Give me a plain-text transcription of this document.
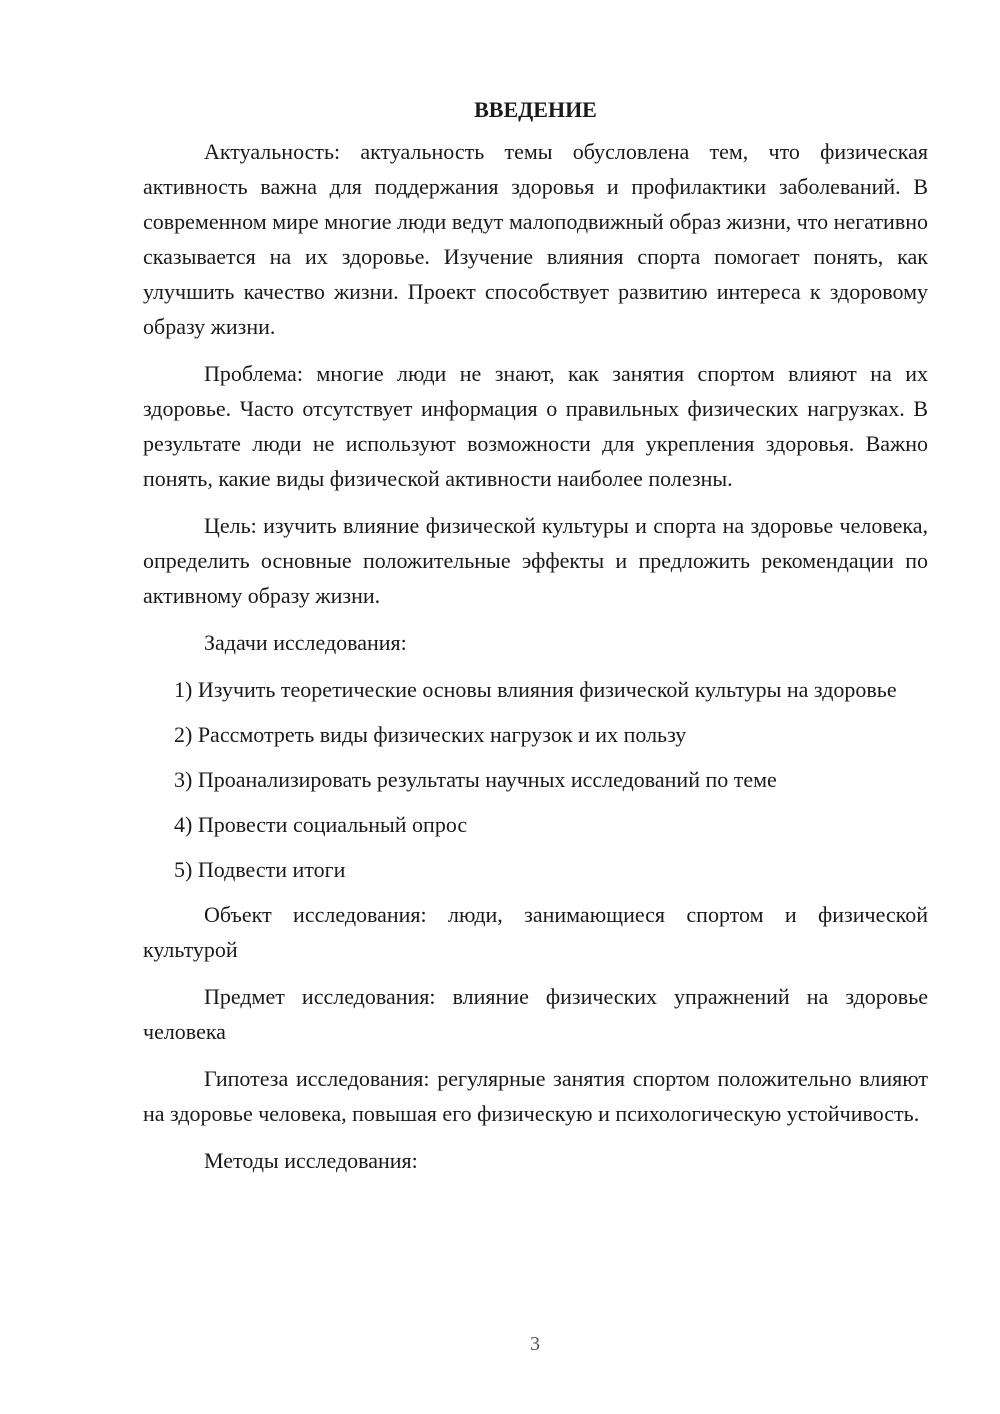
ВВЕДЕНИЕ

Актуальность: актуальность темы обусловлена тем, что физическая активность важна для поддержания здоровья и профилактики заболеваний. В современном мире многие люди ведут малоподвижный образ жизни, что негативно сказывается на их здоровье. Изучение влияния спорта помогает понять, как улучшить качество жизни. Проект способствует развитию интереса к здоровому образу жизни.

Проблема: многие люди не знают, как занятия спортом влияют на их здоровье. Часто отсутствует информация о правильных физических нагрузках. В результате люди не используют возможности для укрепления здоровья. Важно понять, какие виды физической активности наиболее полезны.

Цель: изучить влияние физической культуры и спорта на здоровье человека, определить основные положительные эффекты и предложить рекомендации по активному образу жизни.

Задачи исследования:

1) Изучить теоретические основы влияния физической культуры на здоровье

2) Рассмотреть виды физических нагрузок и их пользу

3) Проанализировать результаты научных исследований по теме

4) Провести социальный опрос

5) Подвести итоги

Объект исследования: люди, занимающиеся спортом и физической культурой

Предмет исследования: влияние физических упражнений на здоровье человека

Гипотеза исследования: регулярные занятия спортом положительно влияют на здоровье человека, повышая его физическую и психологическую устойчивость.

Методы исследования:

3
